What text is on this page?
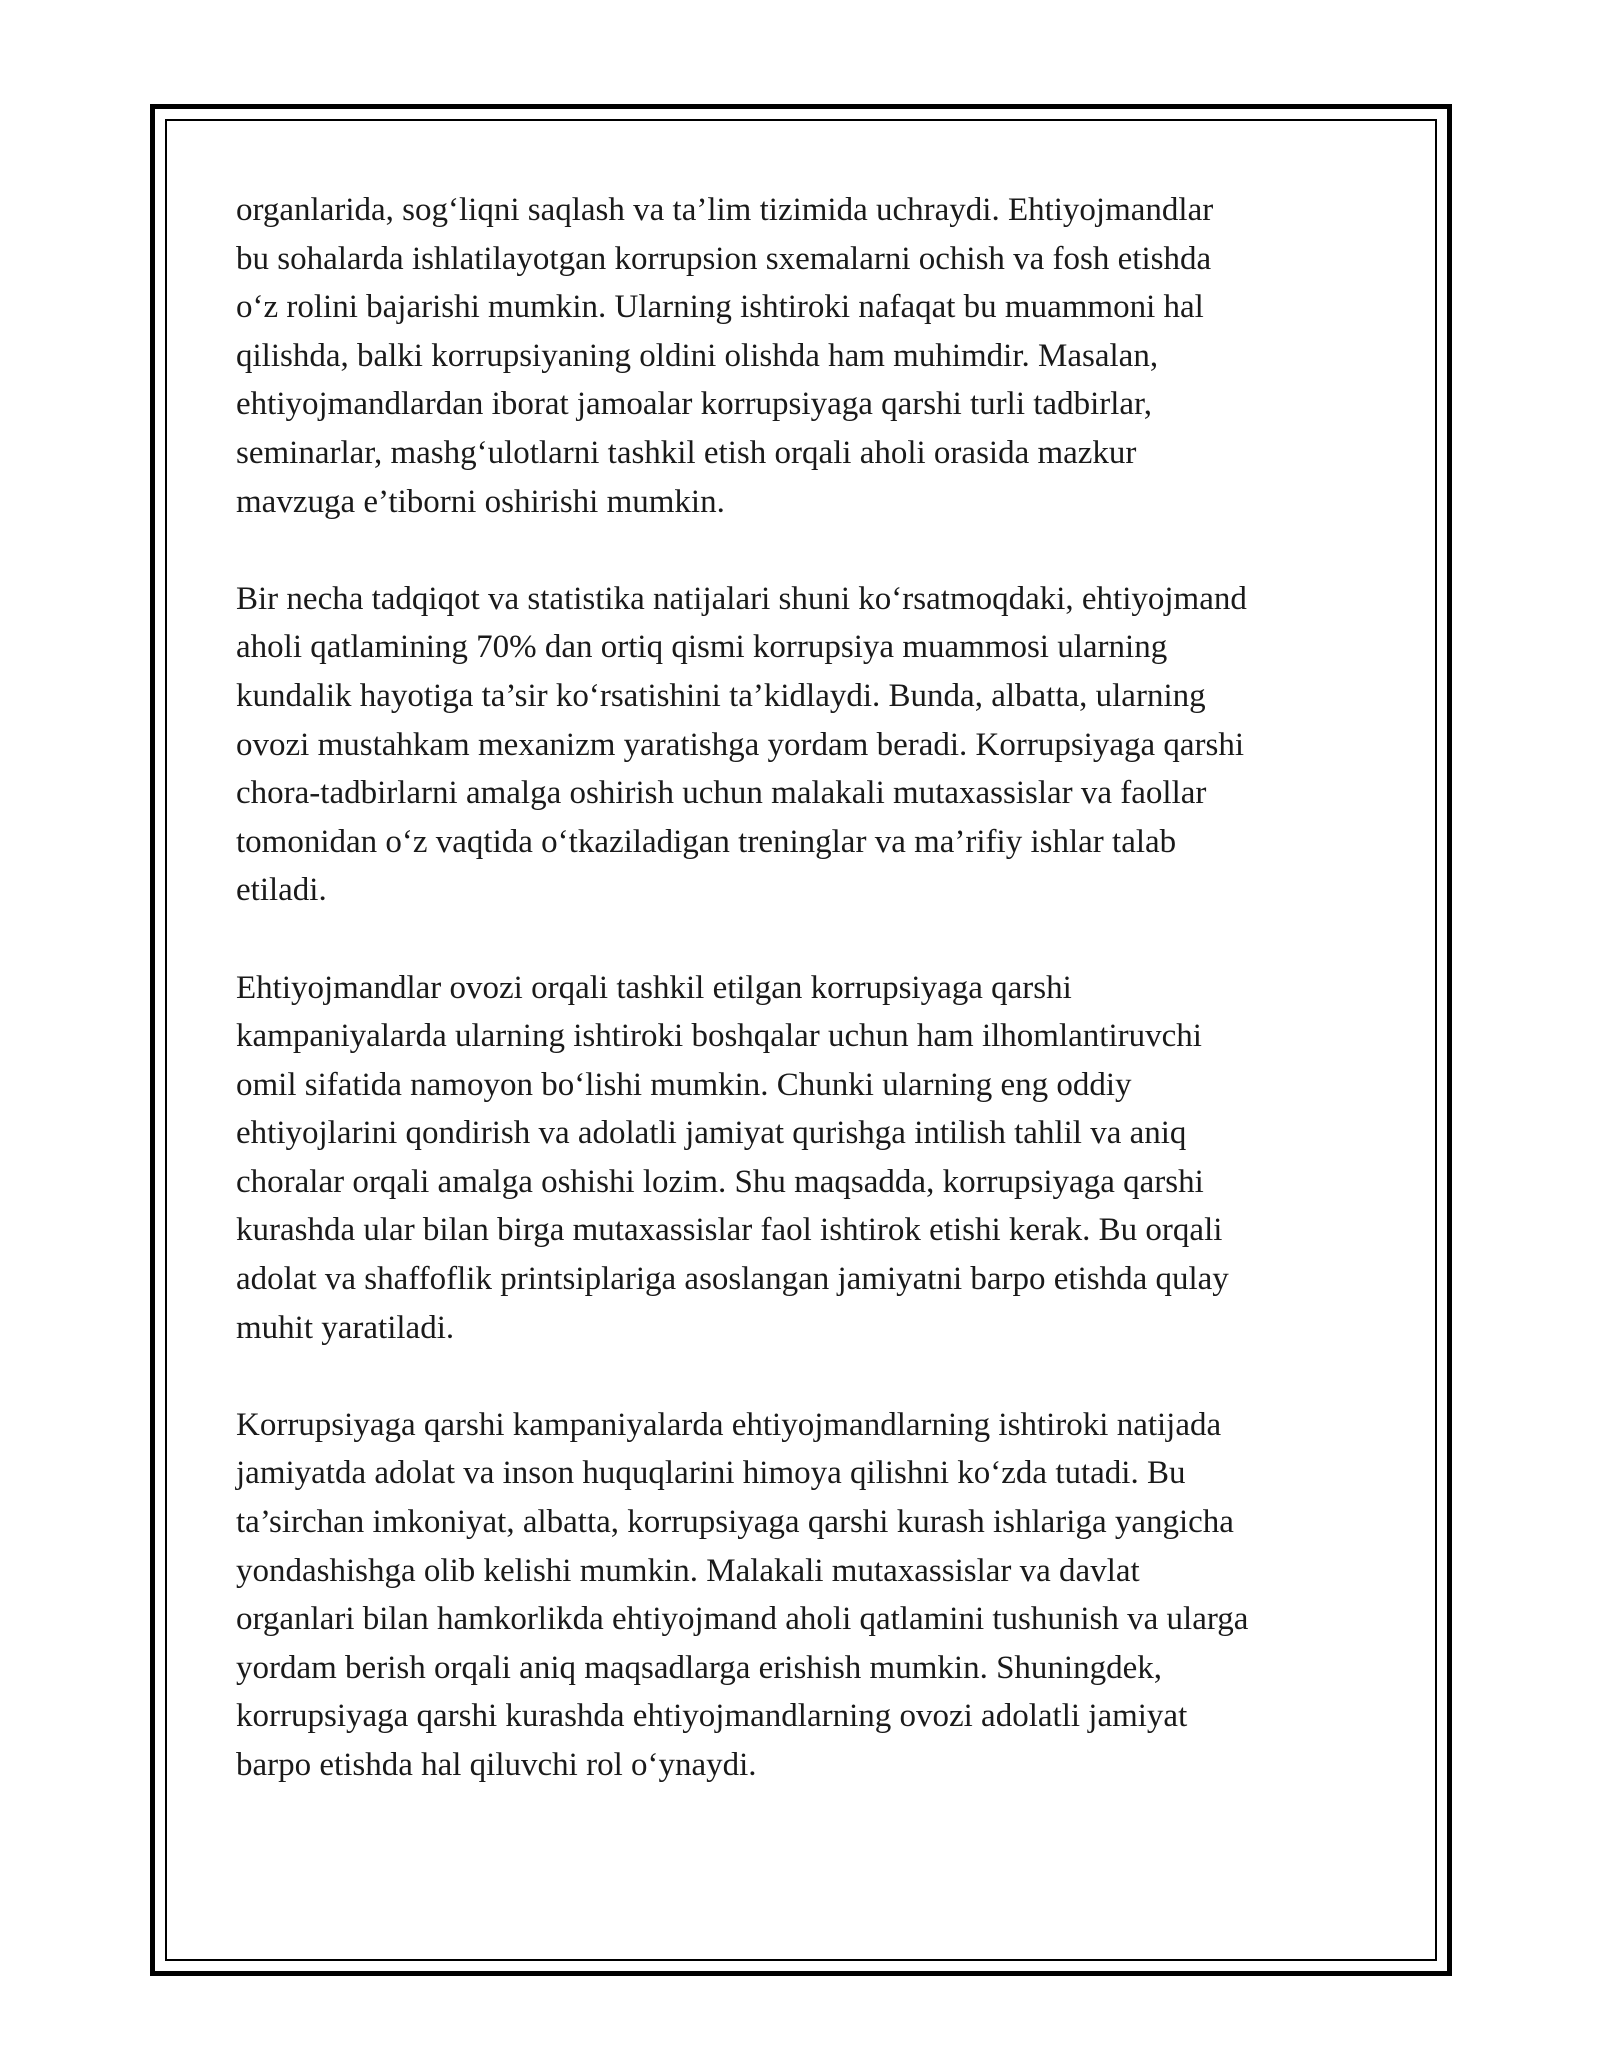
organlarida, sog‘liqni saqlash va ta’lim tizimida uchraydi. Ehtiyojmandlar
bu sohalarda ishlatilayotgan korrupsion sxemalarni ochish va fosh etishda
o‘z rolini bajarishi mumkin. Ularning ishtiroki nafaqat bu muammoni hal
qilishda, balki korrupsiyaning oldini olishda ham muhimdir. Masalan,
ehtiyojmandlardan iborat jamoalar korrupsiyaga qarshi turli tadbirlar,
seminarlar, mashg‘ulotlarni tashkil etish orqali aholi orasida mazkur
mavzuga e’tiborni oshirishi mumkin.

Bir necha tadqiqot va statistika natijalari shuni ko‘rsatmoqdaki, ehtiyojmand
aholi qatlamining 70% dan ortiq qismi korrupsiya muammosi ularning
kundalik hayotiga ta’sir ko‘rsatishini ta’kidlaydi. Bunda, albatta, ularning
ovozi mustahkam mexanizm yaratishga yordam beradi. Korrupsiyaga qarshi
chora-tadbirlarni amalga oshirish uchun malakali mutaxassislar va faollar
tomonidan o‘z vaqtida o‘tkaziladigan treninglar va ma’rifiy ishlar talab
etiladi.

Ehtiyojmandlar ovozi orqali tashkil etilgan korrupsiyaga qarshi
kampaniyalarda ularning ishtiroki boshqalar uchun ham ilhomlantiruvchi
omil sifatida namoyon bo‘lishi mumkin. Chunki ularning eng oddiy
ehtiyojlarini qondirish va adolatli jamiyat qurishga intilish tahlil va aniq
choralar orqali amalga oshishi lozim. Shu maqsadda, korrupsiyaga qarshi
kurashda ular bilan birga mutaxassislar faol ishtirok etishi kerak. Bu orqali
adolat va shaffoflik printsiplariga asoslangan jamiyatni barpo etishda qulay
muhit yaratiladi.

Korrupsiyaga qarshi kampaniyalarda ehtiyojmandlarning ishtiroki natijada
jamiyatda adolat va inson huquqlarini himoya qilishni ko‘zda tutadi. Bu
ta’sirchan imkoniyat, albatta, korrupsiyaga qarshi kurash ishlariga yangicha
yondashishga olib kelishi mumkin. Malakali mutaxassislar va davlat
organlari bilan hamkorlikda ehtiyojmand aholi qatlamini tushunish va ularga
yordam berish orqali aniq maqsadlarga erishish mumkin. Shuningdek,
korrupsiyaga qarshi kurashda ehtiyojmandlarning ovozi adolatli jamiyat
barpo etishda hal qiluvchi rol o‘ynaydi.
